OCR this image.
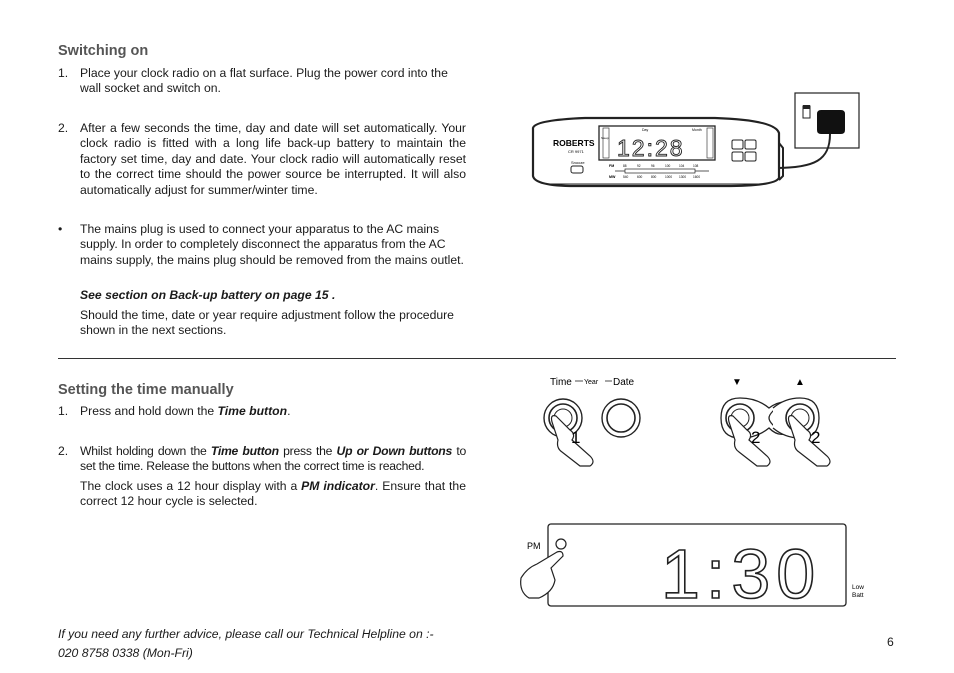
Switching on
1. Place your clock radio on a flat surface. Plug the power cord into the wall socket and switch on.
2. After a few seconds the time, day and date will set automatically. Your clock radio is fitted with a long life back-up battery to maintain the factory set time, day and date. Your clock radio will automatically reset to the correct time should the power source be interrupted. It will also automatically adjust for summer/winter time.
• The mains plug is used to connect your apparatus to the AC mains supply. In order to completely disconnect the apparatus from the AC mains supply, the mains plug should be removed from the mains outlet.
See section on Back-up battery on page 15 .
Should the time, date or year require adjustment follow the procedure shown in the next sections.
Setting the time manually
1. Press and hold down the Time button.
2. Whilst holding down the Time button press the Up or Down buttons to set the time. Release the buttons when the correct time is reached.
The clock uses a 12 hour display with a PM indicator. Ensure that the correct 12 hour cycle is selected.
If you need any further advice, please call our Technical Helpline on :-
020 8758 0338 (Mon-Fri)
6
ROBERTS
CR 9971
Snooze
Day	Month
Sleep 12:28
FM	88	92	96	100	104	108
MW 540	600	800	1000 1300 1600
Time Year Date
1
▼	▲
2	2
PM 1:30	Low
Batt
